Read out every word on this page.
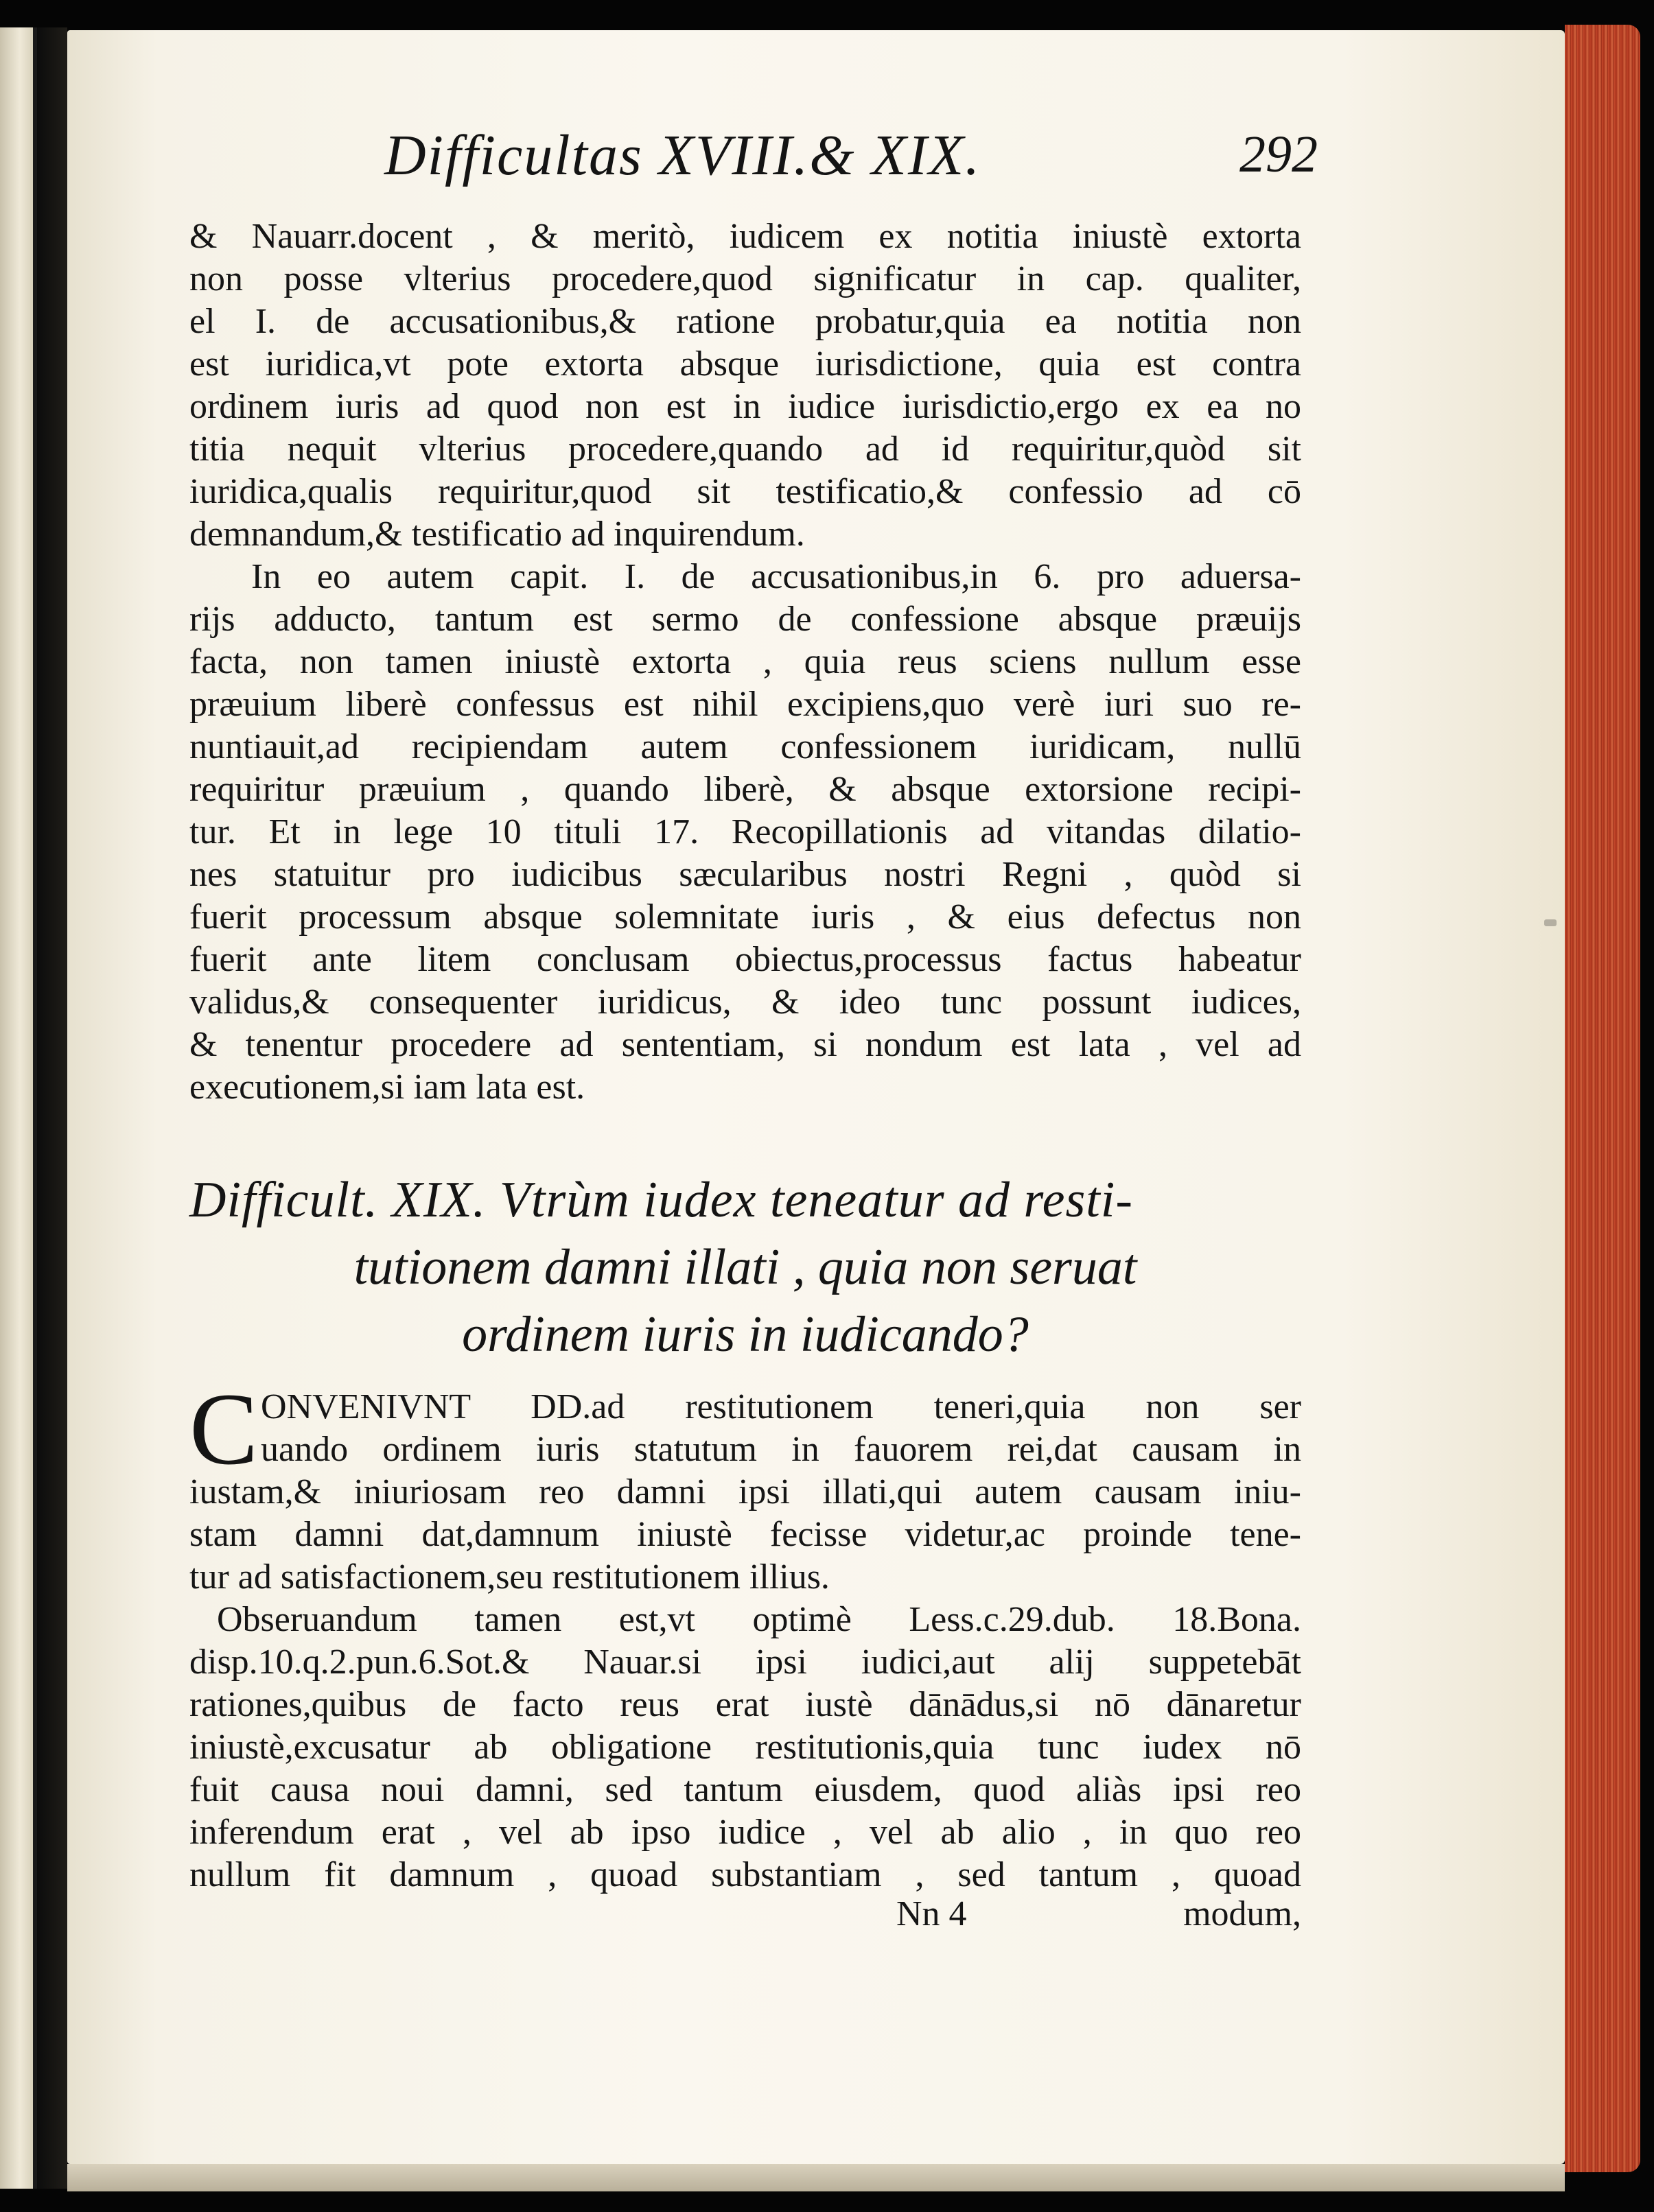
Difficultas XVIII.& XIX.	292
& Nauarr.docent , & meritò, iudicem ex notitia iniustè extorta
non posse vlterius procedere,quod significatur in cap. qualiter,
el I. de accusationibus,& ratione probatur,quia ea notitia non
est iuridica,vt pote extorta absque iurisdictione, quia est contra
ordinem iuris ad quod non est in iudice iurisdictio,ergo ex ea no
titia nequit vlterius procedere,quando ad id requiritur,quòd sit
iuridica,qualis requiritur,quod sit testificatio,& confessio ad cō
demnandum,& testificatio ad inquirendum.
In eo autem capit. I. de accusationibus,in 6. pro aduersa-
rijs adducto, tantum est sermo de confessione absque præuijs
facta, non tamen iniustè extorta , quia reus sciens nullum esse
præuium liberè confessus est nihil excipiens,quo verè iuri suo re-
nuntiauit,ad recipiendam autem confessionem iuridicam, nullū
requiritur præuium , quando liberè, & absque extorsione recipi-
tur. Et in lege 10 tituli 17. Recopillationis ad vitandas dilatio-
nes statuitur pro iudicibus sæcularibus nostri Regni , quòd si
fuerit processum absque solemnitate iuris , & eius defectus non
fuerit ante litem conclusam obiectus,processus factus habeatur
validus,& consequenter iuridicus, & ideo tunc possunt iudices,
& tenentur procedere ad sententiam, si nondum est lata , vel ad
executionem,si iam lata est.
Difficult. XIX. Vtrùm iudex teneatur ad resti-
tutionem damni illati , quia non seruat
ordinem iuris in iudicando?
C ONVENIVNT DD.ad restitutionem teneri,quia non ser
uando ordinem iuris statutum in fauorem rei,dat causam in
iustam,& iniuriosam reo damni ipsi illati,qui autem causam iniu-
stam damni dat,damnum iniustè fecisse videtur,ac proinde tene-
tur ad satisfactionem,seu restitutionem illius.
Obseruandum tamen est,vt optimè Less.c.29.dub. 18.Bona.
disp.10.q.2.pun.6.Sot.& Nauar.si ipsi iudici,aut alij suppetebāt
rationes,quibus de facto reus erat iustè dānādus,si nō dānaretur
iniustè,excusatur ab obligatione restitutionis,quia tunc iudex nō
fuit causa noui damni, sed tantum eiusdem, quod aliàs ipsi reo
inferendum erat , vel ab ipso iudice , vel ab alio , in quo reo
nullum fit damnum , quoad substantiam , sed tantum , quoad
Nn 4	modum,
